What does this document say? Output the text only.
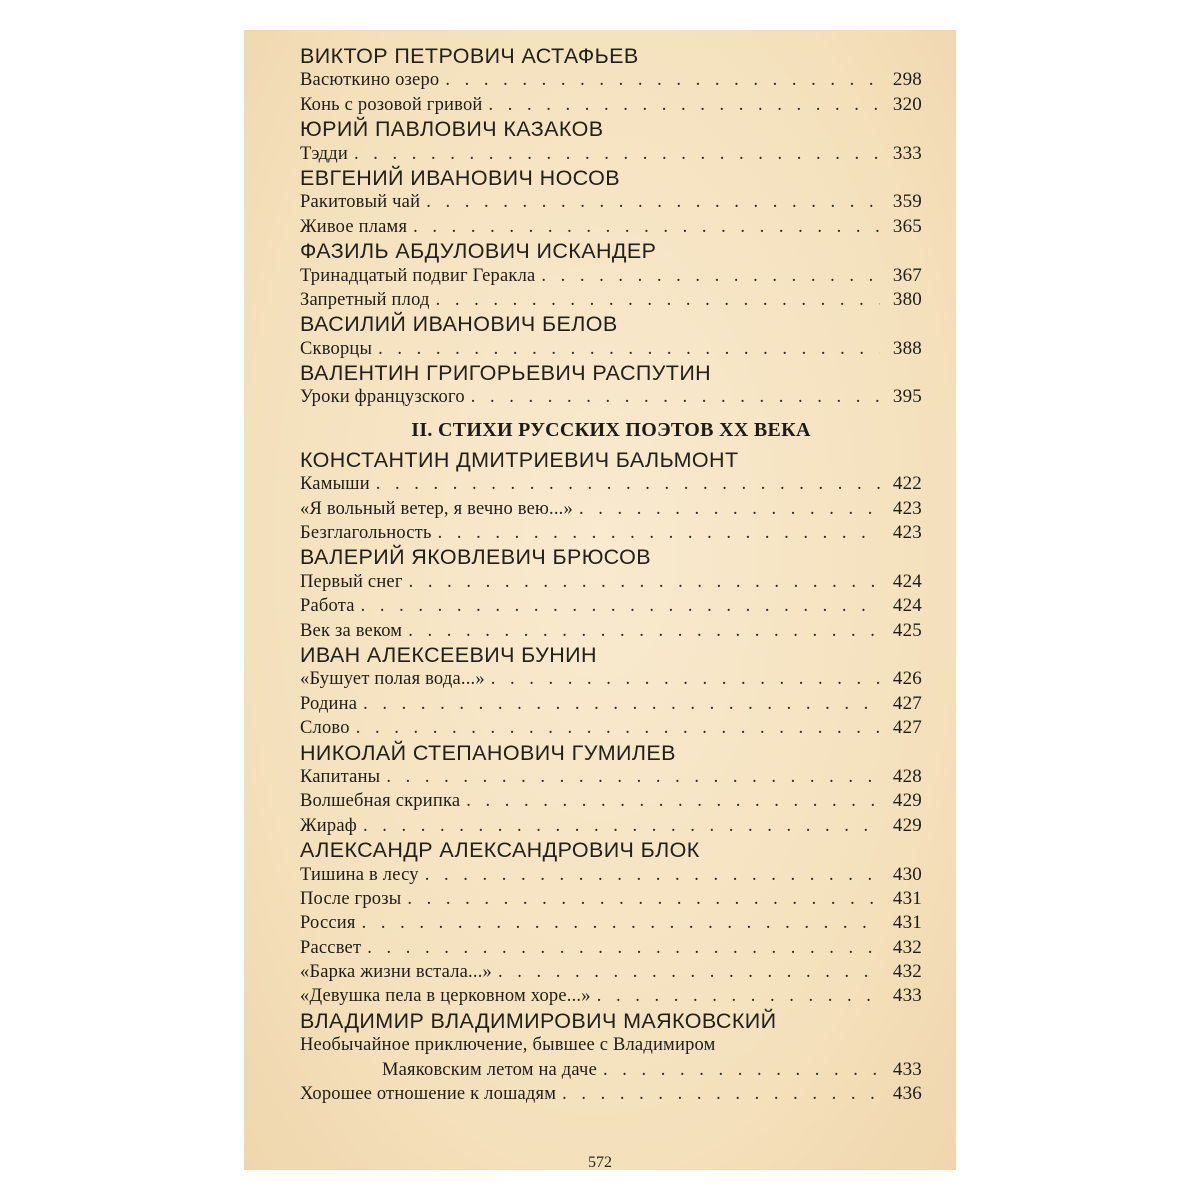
ВИКТОР ПЕТРОВИЧ АСТАФЬЕВ
Васюткино озеро . . .	298
Конь с розовой гривой . . .	320
ЮРИЙ ПАВЛОВИЧ КАЗАКОВ
Тэдди . . .	333
ЕВГЕНИЙ ИВАНОВИЧ НОСОВ
Ракитовый чай . . .	359
Живое пламя . . .	365
ФАЗИЛЬ АБДУЛОВИЧ ИСКАНДЕР
Тринадцатый подвиг Геракла . . .	367
Запретный плод . . .	380
ВАСИЛИЙ ИВАНОВИЧ БЕЛОВ
Скворцы . . .	388
ВАЛЕНТИН ГРИГОРЬЕВИЧ РАСПУТИН
Уроки французского . . .	395
II. СТИХИ РУССКИХ ПОЭТОВ XX ВЕКА
КОНСТАНТИН ДМИТРИЕВИЧ БАЛЬМОНТ
Камыши . . .	422
«Я вольный ветер, я вечно вею...» . . .	423
Безглагольность . . .	423
ВАЛЕРИЙ ЯКОВЛЕВИЧ БРЮСОВ
Первый снег . . .	424
Работа . . .	424
Век за веком . . .	425
ИВАН АЛЕКСЕЕВИЧ БУНИН
«Бушует полая вода...» . . .	426
Родина . . .	427
Слово . . .	427
НИКОЛАЙ СТЕПАНОВИЧ ГУМИЛЕВ
Капитаны . . .	428
Волшебная скрипка . . .	429
Жираф . . .	429
АЛЕКСАНДР АЛЕКСАНДРОВИЧ БЛОК
Тишина в лесу . . .	430
После грозы . . .	431
Россия . . .	431
Рассвет . . .	432
«Барка жизни встала...» . . .	432
«Девушка пела в церковном хоре...» . . .	433
ВЛАДИМИР ВЛАДИМИРОВИЧ МАЯКОВСКИЙ
Необычайное приключение, бывшее с Владимиром
Маяковским летом на даче . . .	433
Хорошее отношение к лошадям . . .	436
572
